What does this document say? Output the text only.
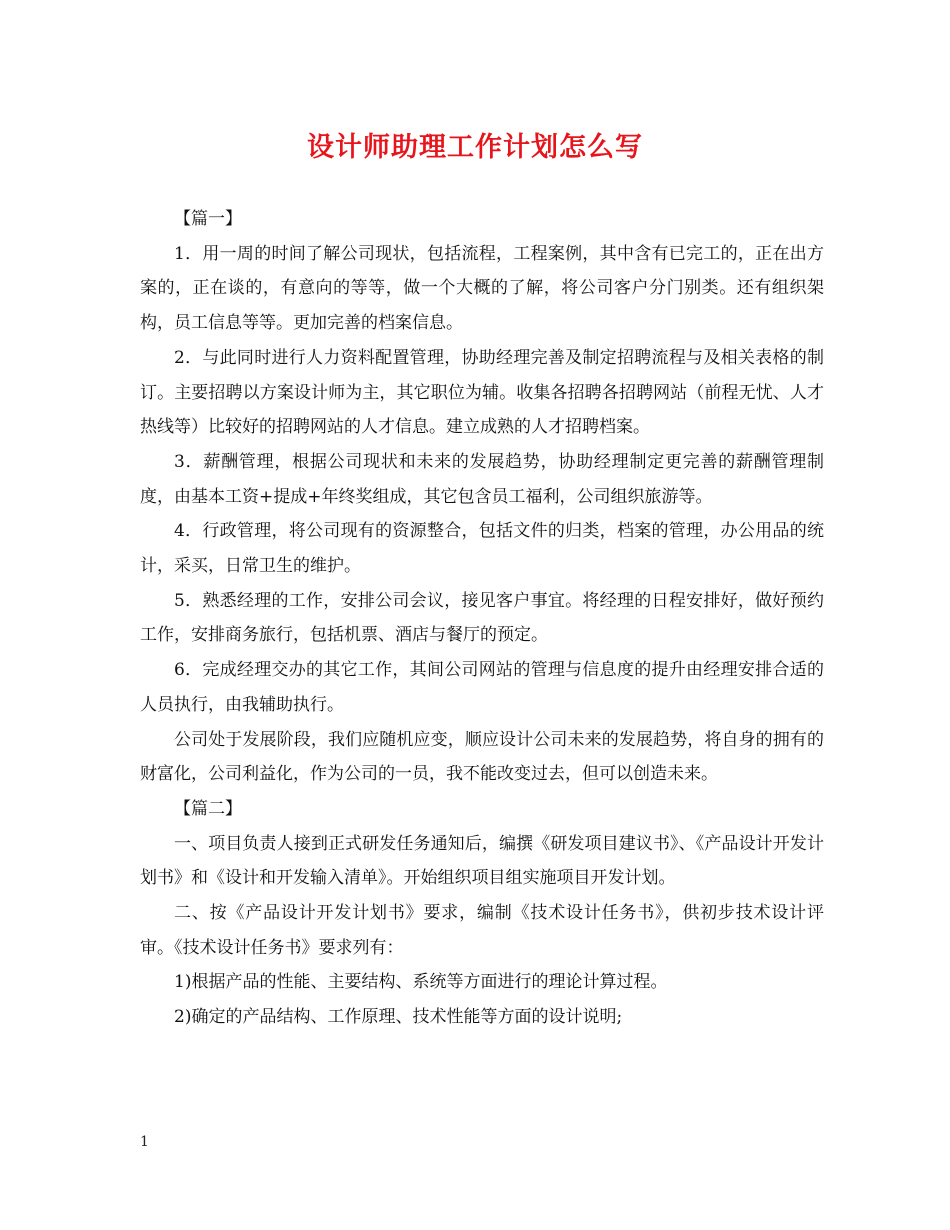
设计师助理工作计划怎么写

【篇一】

1．用一周的时间了解公司现状，包括流程，工程案例，其中含有已完工的，正在出方案的，正在谈的，有意向的等等，做一个大概的了解，将公司客户分门别类。还有组织架构，员工信息等等。更加完善的档案信息。

2．与此同时进行人力资料配置管理，协助经理完善及制定招聘流程与及相关表格的制订。主要招聘以方案设计师为主，其它职位为辅。收集各招聘各招聘网站（前程无忧、人才热线等）比较好的招聘网站的人才信息。建立成熟的人才招聘档案。

3．薪酬管理，根据公司现状和未来的发展趋势，协助经理制定更完善的薪酬管理制度，由基本工资+提成+年终奖组成，其它包含员工福利，公司组织旅游等。

4．行政管理，将公司现有的资源整合，包括文件的归类，档案的管理，办公用品的统计，采买，日常卫生的维护。

5．熟悉经理的工作，安排公司会议，接见客户事宜。将经理的日程安排好，做好预约工作，安排商务旅行，包括机票、酒店与餐厅的预定。

6．完成经理交办的其它工作，其间公司网站的管理与信息度的提升由经理安排合适的人员执行，由我辅助执行。

公司处于发展阶段，我们应随机应变，顺应设计公司未来的发展趋势，将自身的拥有的财富化，公司利益化，作为公司的一员，我不能改变过去，但可以创造未来。

【篇二】

一、项目负责人接到正式研发任务通知后，编撰《研发项目建议书》、《产品设计开发计划书》和《设计和开发输入清单》。开始组织项目组实施项目开发计划。

二、按《产品设计开发计划书》要求，编制《技术设计任务书》，供初步技术设计评审。《技术设计任务书》要求列有：

1)根据产品的性能、主要结构、系统等方面进行的理论计算过程。

2)确定的产品结构、工作原理、技术性能等方面的设计说明;

1
